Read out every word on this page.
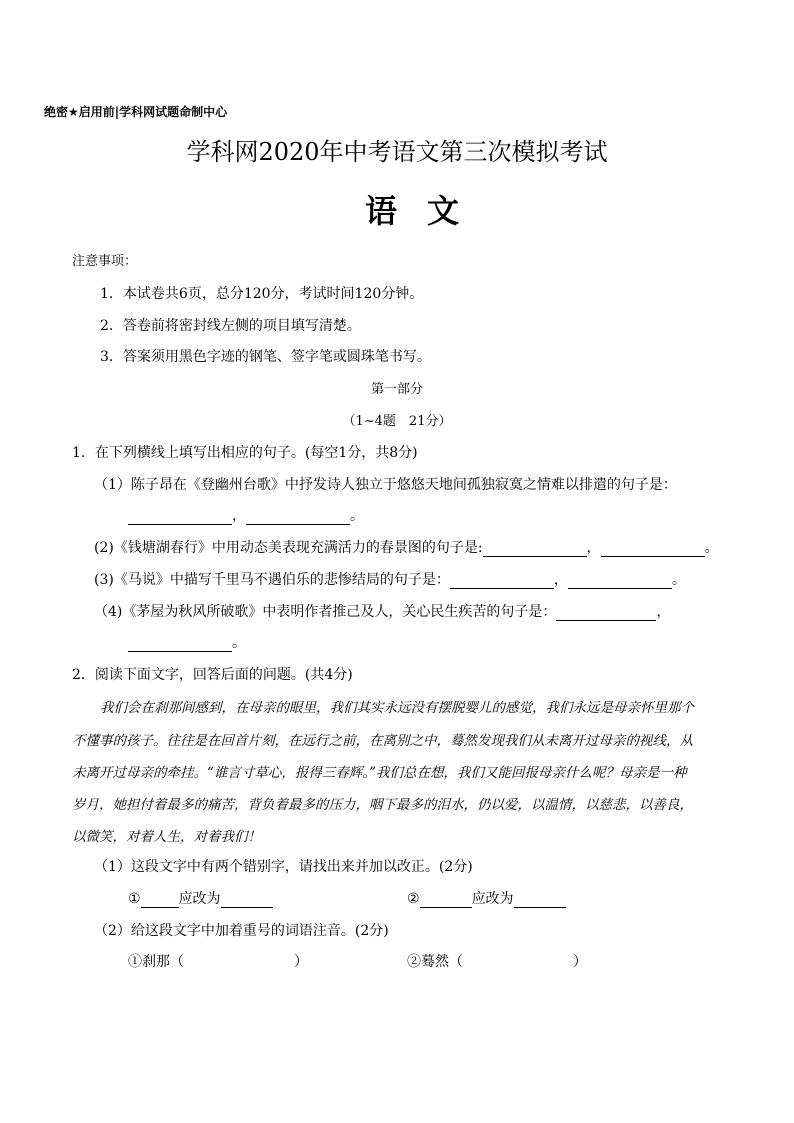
绝密★启用前|学科网试题命制中心
学科网2020年中考语文第三次模拟考试
语文
注意事项：
1．本试卷共6页，总分120分，考试时间120分钟。
2．答卷前将密封线左侧的项目填写清楚。
3．答案须用黑色字迹的钢笔、签字笔或圆珠笔书写。
第一部分
（1~4题　21分）
1．在下列横线上填写出相应的句子。(每空1分，共8分)
（1）陈子昂在《登幽州台歌》中抒发诗人独立于悠悠天地间孤独寂寞之情难以排遣的句子是：
，	。
(2)《钱塘湖春行》中用动态美表现充满活力的春景图的句子是:	，	。
(3)《马说》中描写千里马不遇伯乐的悲惨结局的句子是：	，	。
（4)《茅屋为秋风所破歌》中表明作者推己及人，关心民生疾苦的句子是：	，
。
2．阅读下面文字，回答后面的问题。(共4分)
我们会在刹那间感到，在母亲的眼里，我们其实永远没有摆脱婴儿的感觉，我们永远是母亲怀里那个
不懂事的孩子。往往是在回首片刻，在远行之前，在离别之中，蓦然发现我们从未离开过母亲的视线，从
未离开过母亲的牵挂。“谁言寸草心，报得三春辉。”我们总在想，我们又能回报母亲什么呢？母亲是一种
岁月，她担付着最多的痛苦，背负着最多的压力，咽下最多的泪水，仍以爱，以温情，以慈悲，以善良，
以微笑，对着人生，对着我们！
（1）这段文字中有两个错别字，请找出来并加以改正。(2分)
①	应改为	②	应改为
（2）给这段文字中加着重号的词语注音。(2分)
①刹那（	）	②蓦然（	）
